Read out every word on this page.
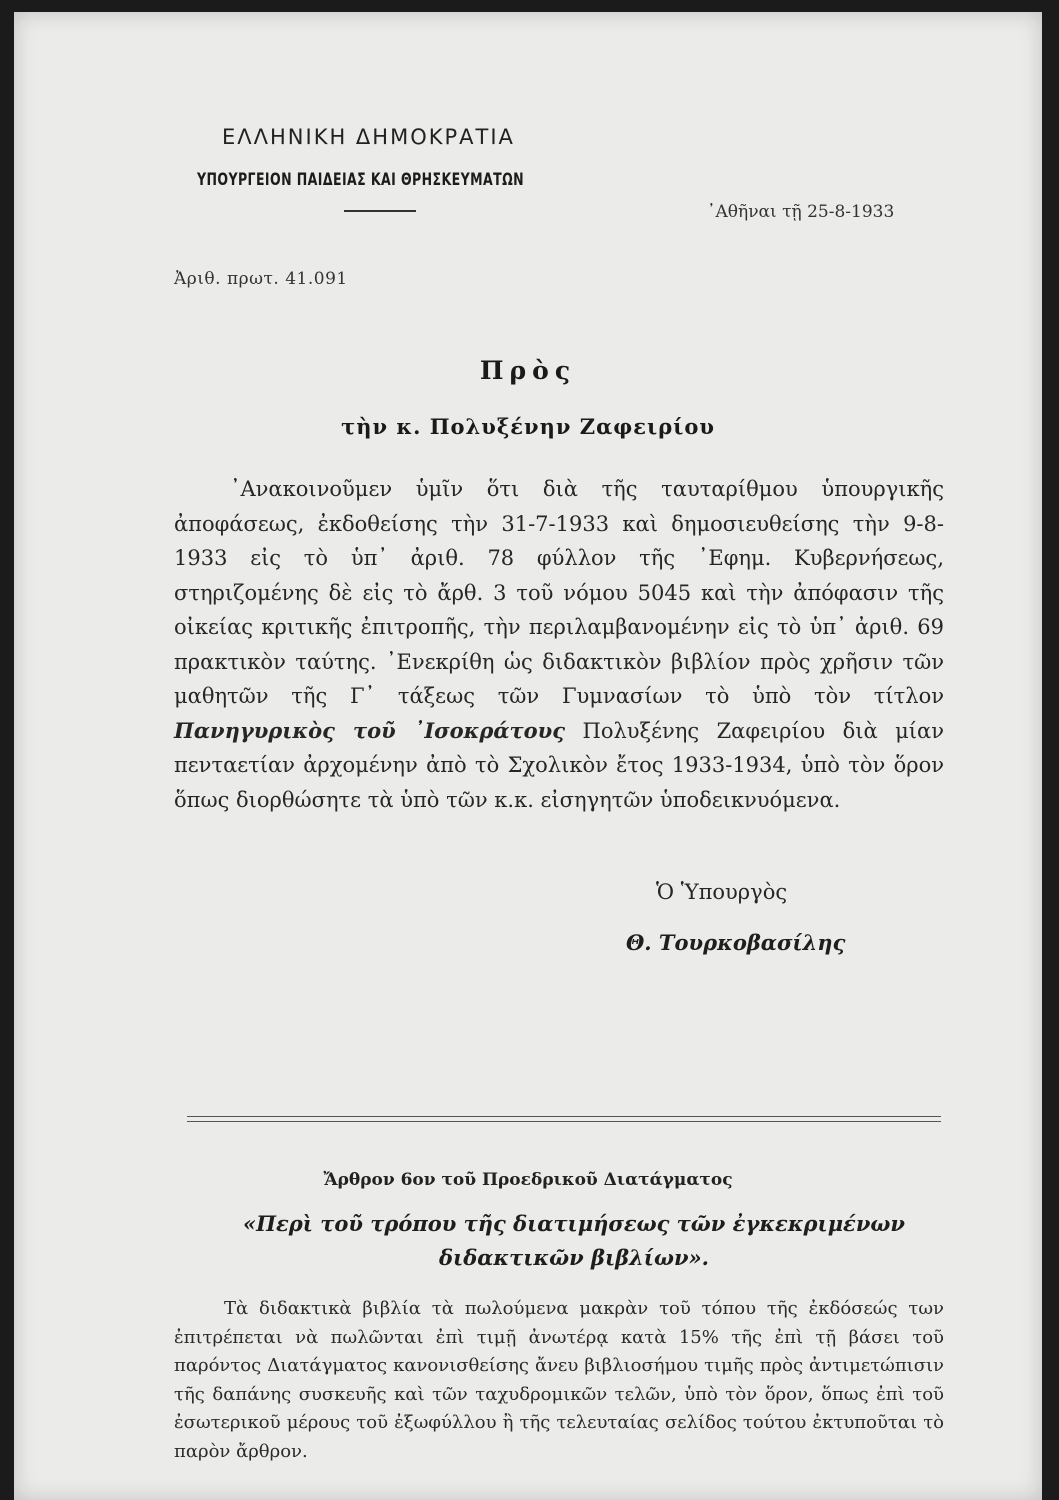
ΕΛΛΗΝΙΚΗ ΔΗΜΟΚΡΑΤΙΑ
ΥΠΟΥΡΓΕΙΟΝ ΠΑΙΔΕΙΑΣ ΚΑΙ ΘΡΗΣΚΕΥΜΑΤΩΝ
᾿Αθῆναι τῇ 25-8-1933
Ἀριθ. πρωτ. 41.091
Πρὸς
τὴν κ. Πολυξένην Ζαφειρίου
᾿Ανακοινοῦμεν ὑμῖν ὅτι διὰ τῆς ταυταρίθμου ὑπουργικῆς ἀποφάσεως, ἐκδοθείσης τὴν 31-7-1933 καὶ δημοσιευθείσης τὴν 9-8-1933 εἰς τὸ ὑπ᾿ ἀριθ. 78 φύλλον τῆς ᾿Εφημ. Κυβερνήσεως, στηριζομένης δὲ εἰς τὸ ἄρθ. 3 τοῦ νόμου 5045 καὶ τὴν ἀπόφασιν τῆς οἰκείας κριτικῆς ἐπιτροπῆς, τὴν περιλαμβανομένην εἰς τὸ ὑπ᾿ ἀριθ. 69 πρακτικὸν ταύτης. ᾿Ενεκρίθη ὡς διδακτικὸν βιβλίον πρὸς χρῆσιν τῶν μαθητῶν τῆς Γ᾿ τάξεως τῶν Γυμνασίων τὸ ὑπὸ τὸν τίτλον Πανηγυρικὸς τοῦ ᾿Ισοκράτους Πολυξένης Ζαφειρίου διὰ μίαν πενταετίαν ἀρχομένην ἀπὸ τὸ Σχολικὸν ἔτος 1933-1934, ὑπὸ τὸν ὅρον ὅπως διορθώσητε τὰ ὑπὸ τῶν κ.κ. εἰσηγητῶν ὑποδεικνυόμενα.
Ὁ Ὑπουργὸς
Θ. Τουρκοβασίλης
Ἄρθρον 6ον τοῦ Προεδρικοῦ Διατάγματος
«Περὶ τοῦ τρόπου τῆς διατιμήσεως τῶν ἐγκεκριμένων διδακτικῶν βιβλίων».
Τὰ διδακτικὰ βιβλία τὰ πωλούμενα μακρὰν τοῦ τόπου τῆς ἐκδόσεώς των ἐπιτρέπεται νὰ πωλῶνται ἐπὶ τιμῇ ἀνωτέρᾳ κατὰ 15% τῆς ἐπὶ τῇ βάσει τοῦ παρόντος Διατάγματος κανονισθείσης ἄνευ βιβλιοσήμου τιμῆς πρὸς ἀντιμετώπισιν τῆς δαπάνης συσκευῆς καὶ τῶν ταχυδρομικῶν τελῶν, ὑπὸ τὸν ὅρον, ὅπως ἐπὶ τοῦ ἐσωτερικοῦ μέρους τοῦ ἐξωφύλλου ἢ τῆς τελευταίας σελίδος τούτου ἐκτυποῦται τὸ παρὸν ἄρθρον.
